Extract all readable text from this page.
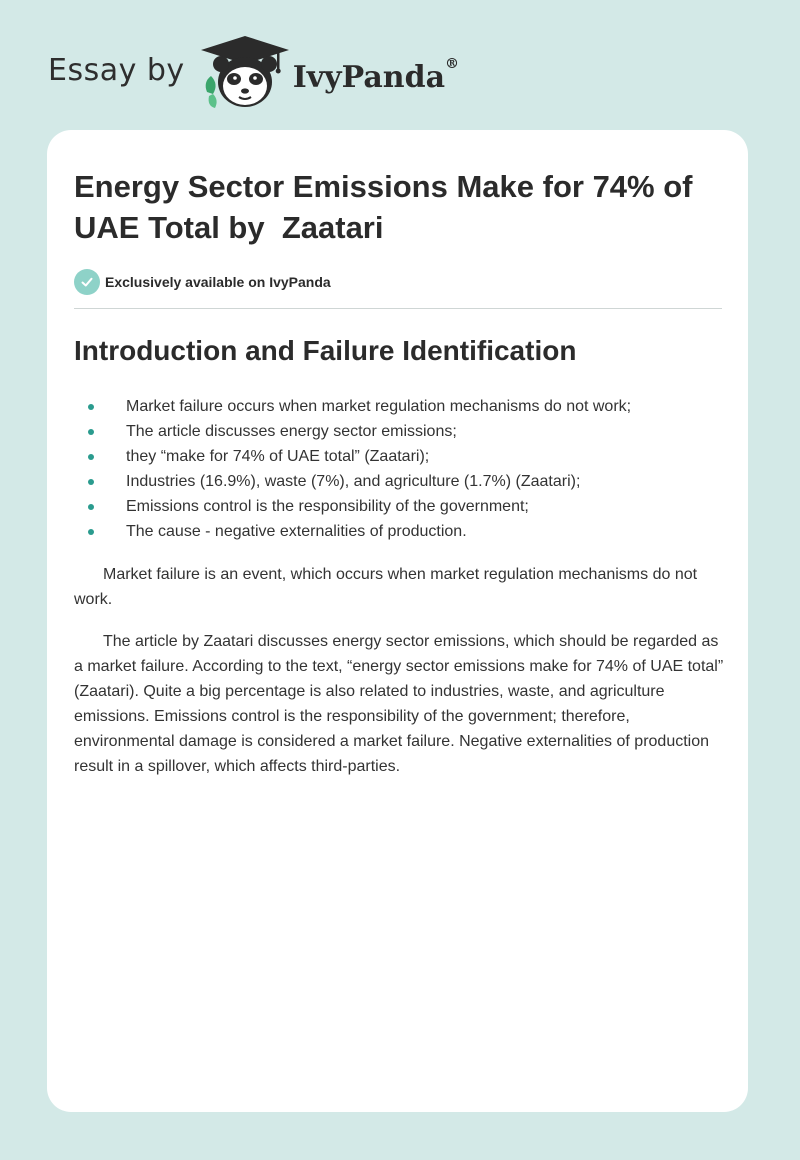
Essay by	IvyPanda®
Energy Sector Emissions Make for 74% of UAE Total by  Zaatari
Exclusively available on IvyPanda
Introduction and Failure Identification
Market failure occurs when market regulation mechanisms do not work;
The article discusses energy sector emissions;
they “make for 74% of UAE total” (Zaatari);
Industries (16.9%), waste (7%), and agriculture (1.7%) (Zaatari);
Emissions control is the responsibility of the government;
The cause - negative externalities of production.

Market failure is an event, which occurs when market regulation mechanisms do not work.

The article by Zaatari discusses energy sector emissions, which should be regarded as a market failure. According to the text, “energy sector emissions make for 74% of UAE total” (Zaatari). Quite a big percentage is also related to industries, waste, and agriculture emissions. Emissions control is the responsibility of the government; therefore, environmental damage is considered a market failure. Negative externalities of production result in a spillover, which affects third-parties.
